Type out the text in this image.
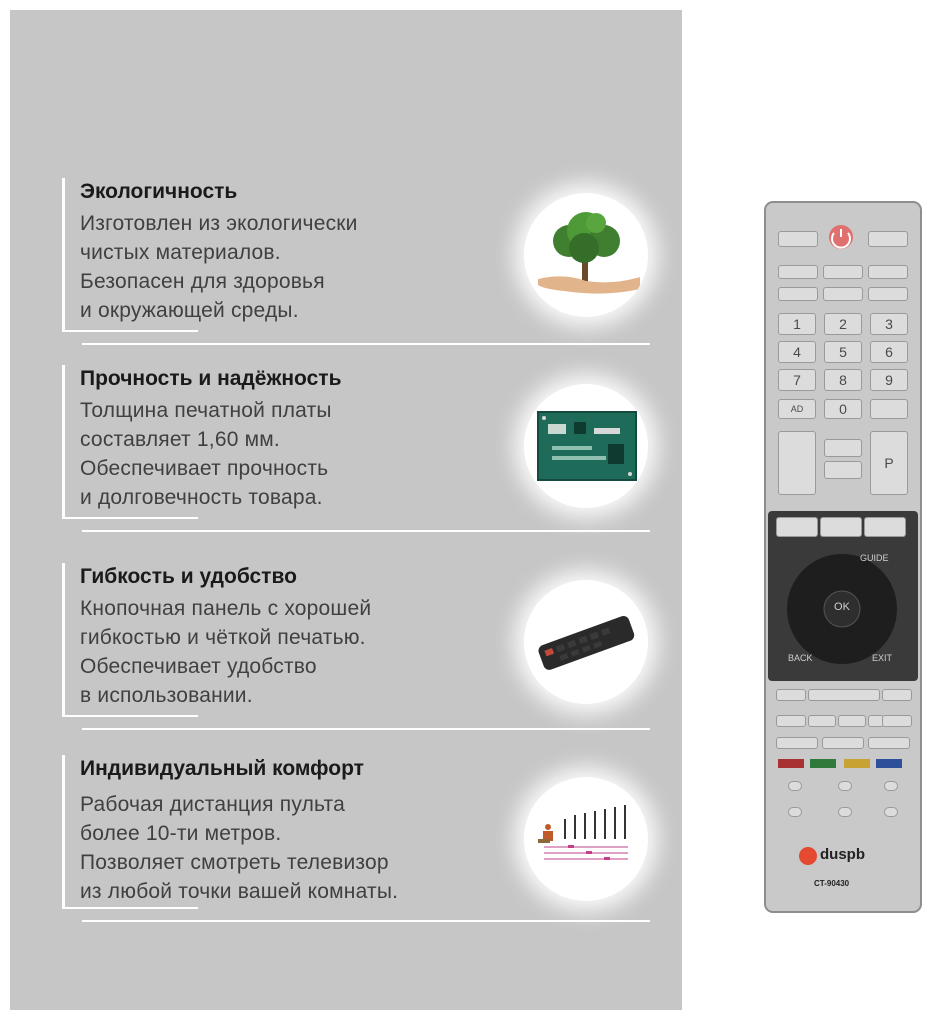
Экологичность
Изготовлен из экологически
чистых материалов.
Безопасен для здоровья
и окружающей среды.
Прочность и надёжность
Толщина печатной платы
составляет 1,60 мм.
Обеспечивает прочность
и долговечность товара.
Гибкость и удобство
Кнопочная панель с хорошей
гибкостью и чёткой печатью.
Обеспечивает удобство
в использовании.
Индивидуальный комфорт
Рабочая дистанция пульта
более 10-ти метров.
Позволяет смотреть телевизор
из любой точки вашей комнаты.
1	2	3
4	5	6
7	8	9
AD	0
P
GUIDE
OK
BACK	EXIT
duspb
CT-90430
